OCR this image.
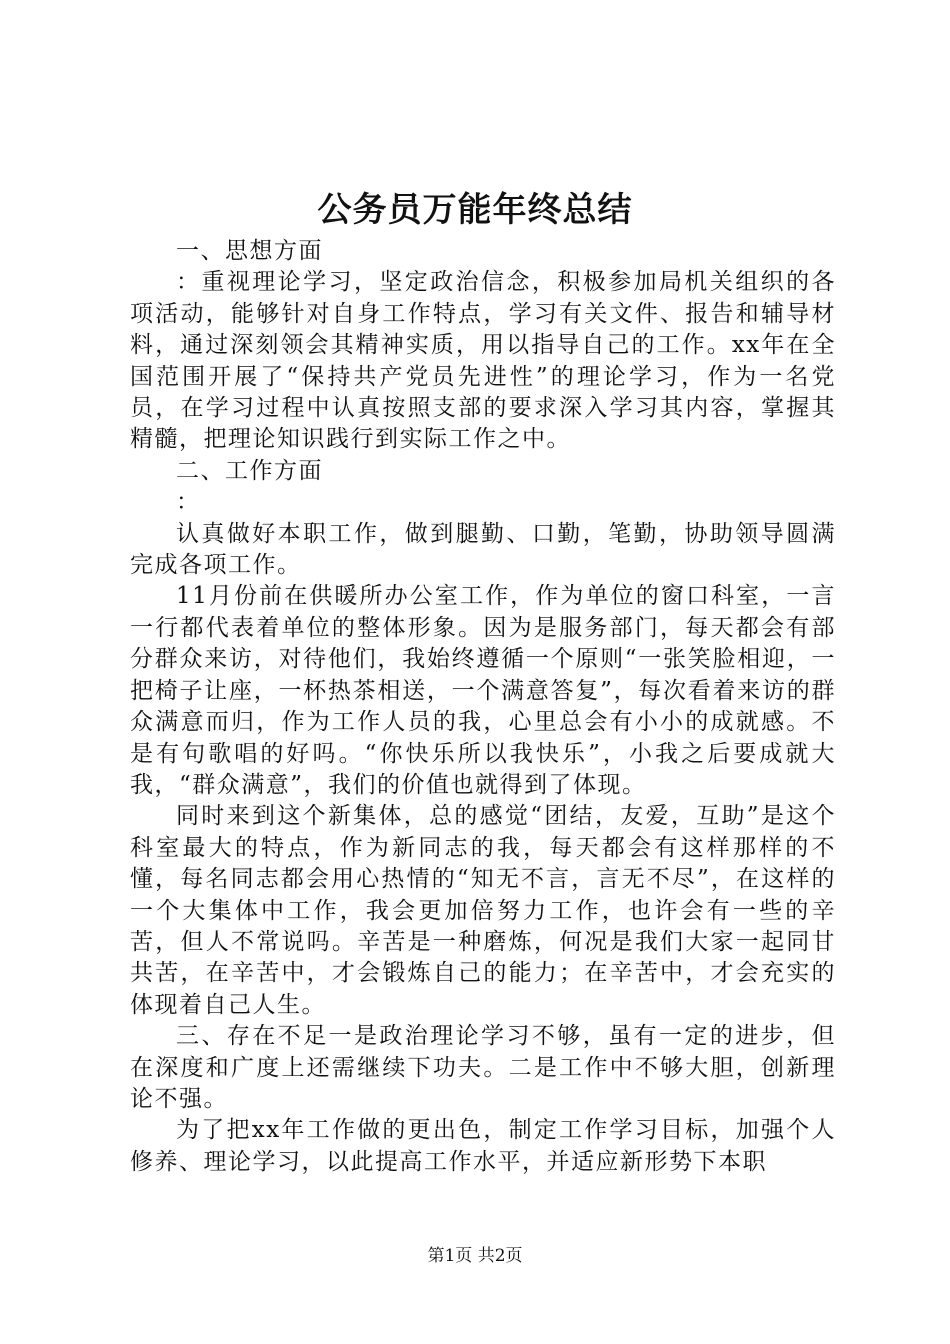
公务员万能年终总结

一、思想方面

：重视理论学习，坚定政治信念，积极参加局机关组织的各项活动，能够针对自身工作特点，学习有关文件、报告和辅导材料，通过深刻领会其精神实质，用以指导自己的工作。xx年在全国范围开展了“保持共产党员先进性”的理论学习，作为一名党员，在学习过程中认真按照支部的要求深入学习其内容，掌握其精髓，把理论知识践行到实际工作之中。

二、工作方面

：

认真做好本职工作，做到腿勤、口勤，笔勤，协助领导圆满完成各项工作。

11月份前在供暖所办公室工作，作为单位的窗口科室，一言一行都代表着单位的整体形象。因为是服务部门，每天都会有部分群众来访，对待他们，我始终遵循一个原则“一张笑脸相迎，一把椅子让座，一杯热茶相送，一个满意答复”，每次看着来访的群众满意而归，作为工作人员的我，心里总会有小小的成就感。不是有句歌唱的好吗。“你快乐所以我快乐”，小我之后要成就大我，“群众满意”，我们的价值也就得到了体现。

同时来到这个新集体，总的感觉“团结，友爱，互助”是这个科室最大的特点，作为新同志的我，每天都会有这样那样的不懂，每名同志都会用心热情的“知无不言，言无不尽”，在这样的一个大集体中工作，我会更加倍努力工作，也许会有一些的辛苦，但人不常说吗。辛苦是一种磨炼，何况是我们大家一起同甘共苦，在辛苦中，才会锻炼自己的能力；在辛苦中，才会充实的体现着自己人生。

三、存在不足一是政治理论学习不够，虽有一定的进步，但在深度和广度上还需继续下功夫。二是工作中不够大胆，创新理论不强。

为了把xx年工作做的更出色，制定工作学习目标，加强个人修养、理论学习，以此提高工作水平，并适应新形势下本职

第1页 共2页
